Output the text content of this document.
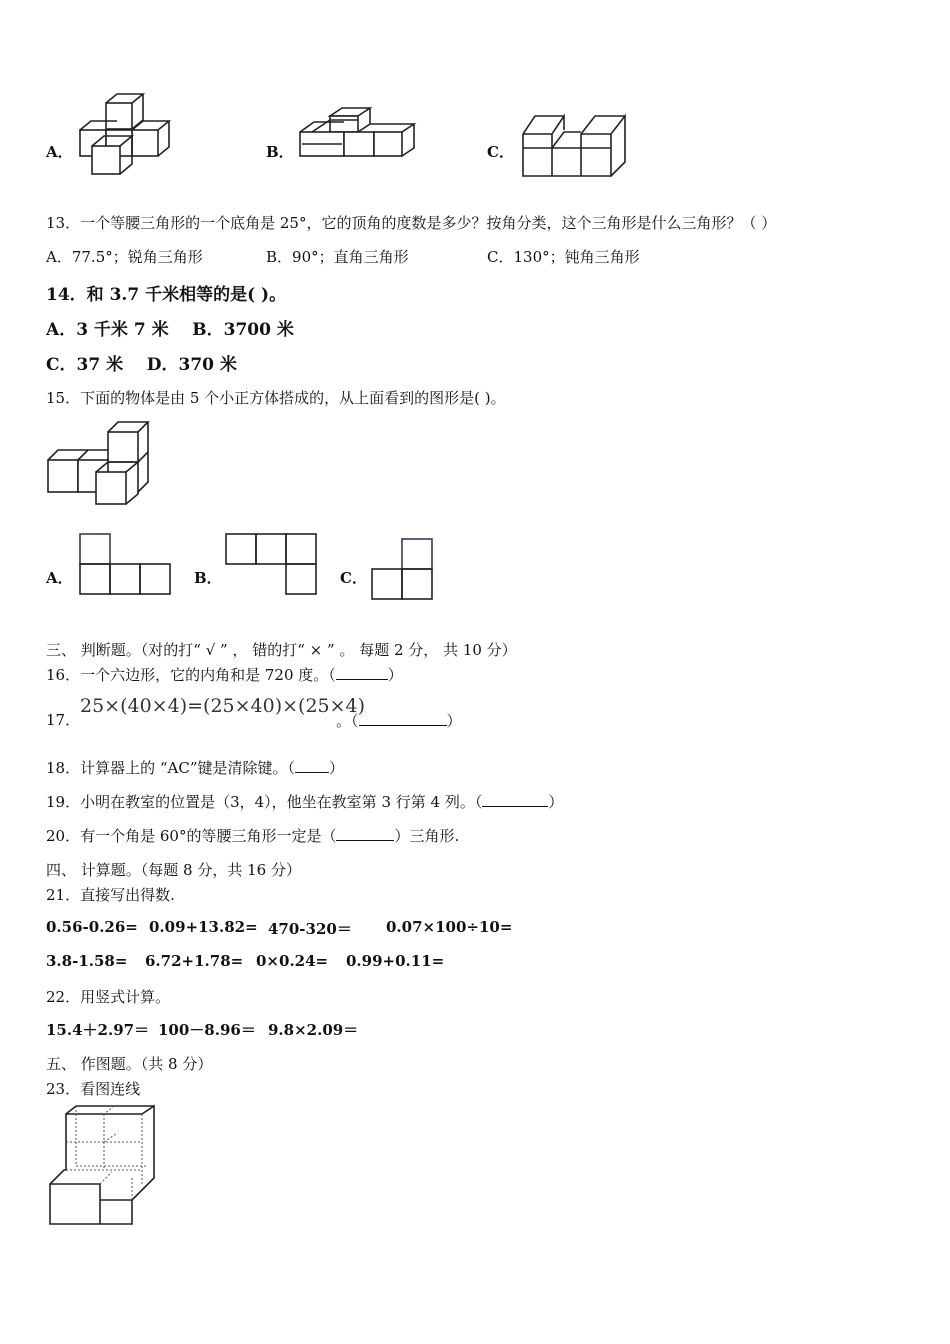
A．	B．	C．
13．一个等腰三角形的一个底角是 25°，它的顶角的度数是多少？按角分类，这个三角形是什么三角形？（ ）
A．77.5°；锐角三角形	B．90°；直角三角形	C．130°；钝角三角形
14．和 3.7 千米相等的是( )。
A．3 千米 7 米    B．3700 米
C．37 米    D．370 米
15．下面的物体是由 5 个小正方体搭成的，从上面看到的图形是( )。
A．	B．	C．
三、 判断题。（对的打“ √ ” ， 错的打“ × ” 。 每题 2 分， 共 10 分）
16．一个六边形，它的内角和是 720 度。（	）
17．
25×(40×4)=(25×40)×(25×4)
。（	）
18．计算器上的 “AC”键是清除键。（ ）
19．小明在教室的位置是（3，4），他坐在教室第 3 行第 4 列。（	）
20．有一个角是 60°的等腰三角形一定是（	）三角形.
四、 计算题。（每题 8 分，共 16 分）
21．直接写出得数.
0.56-0.26= 0.09+13.82= 470-320＝ 0.07×100÷10=
3.8-1.58= 6.72+1.78= 0×0.24= 0.99+0.11=
22．用竖式计算。
15.4＋2.97＝ 100－8.96＝ 9.8×2.09＝
五、 作图题。（共 8 分）
23．看图连线
